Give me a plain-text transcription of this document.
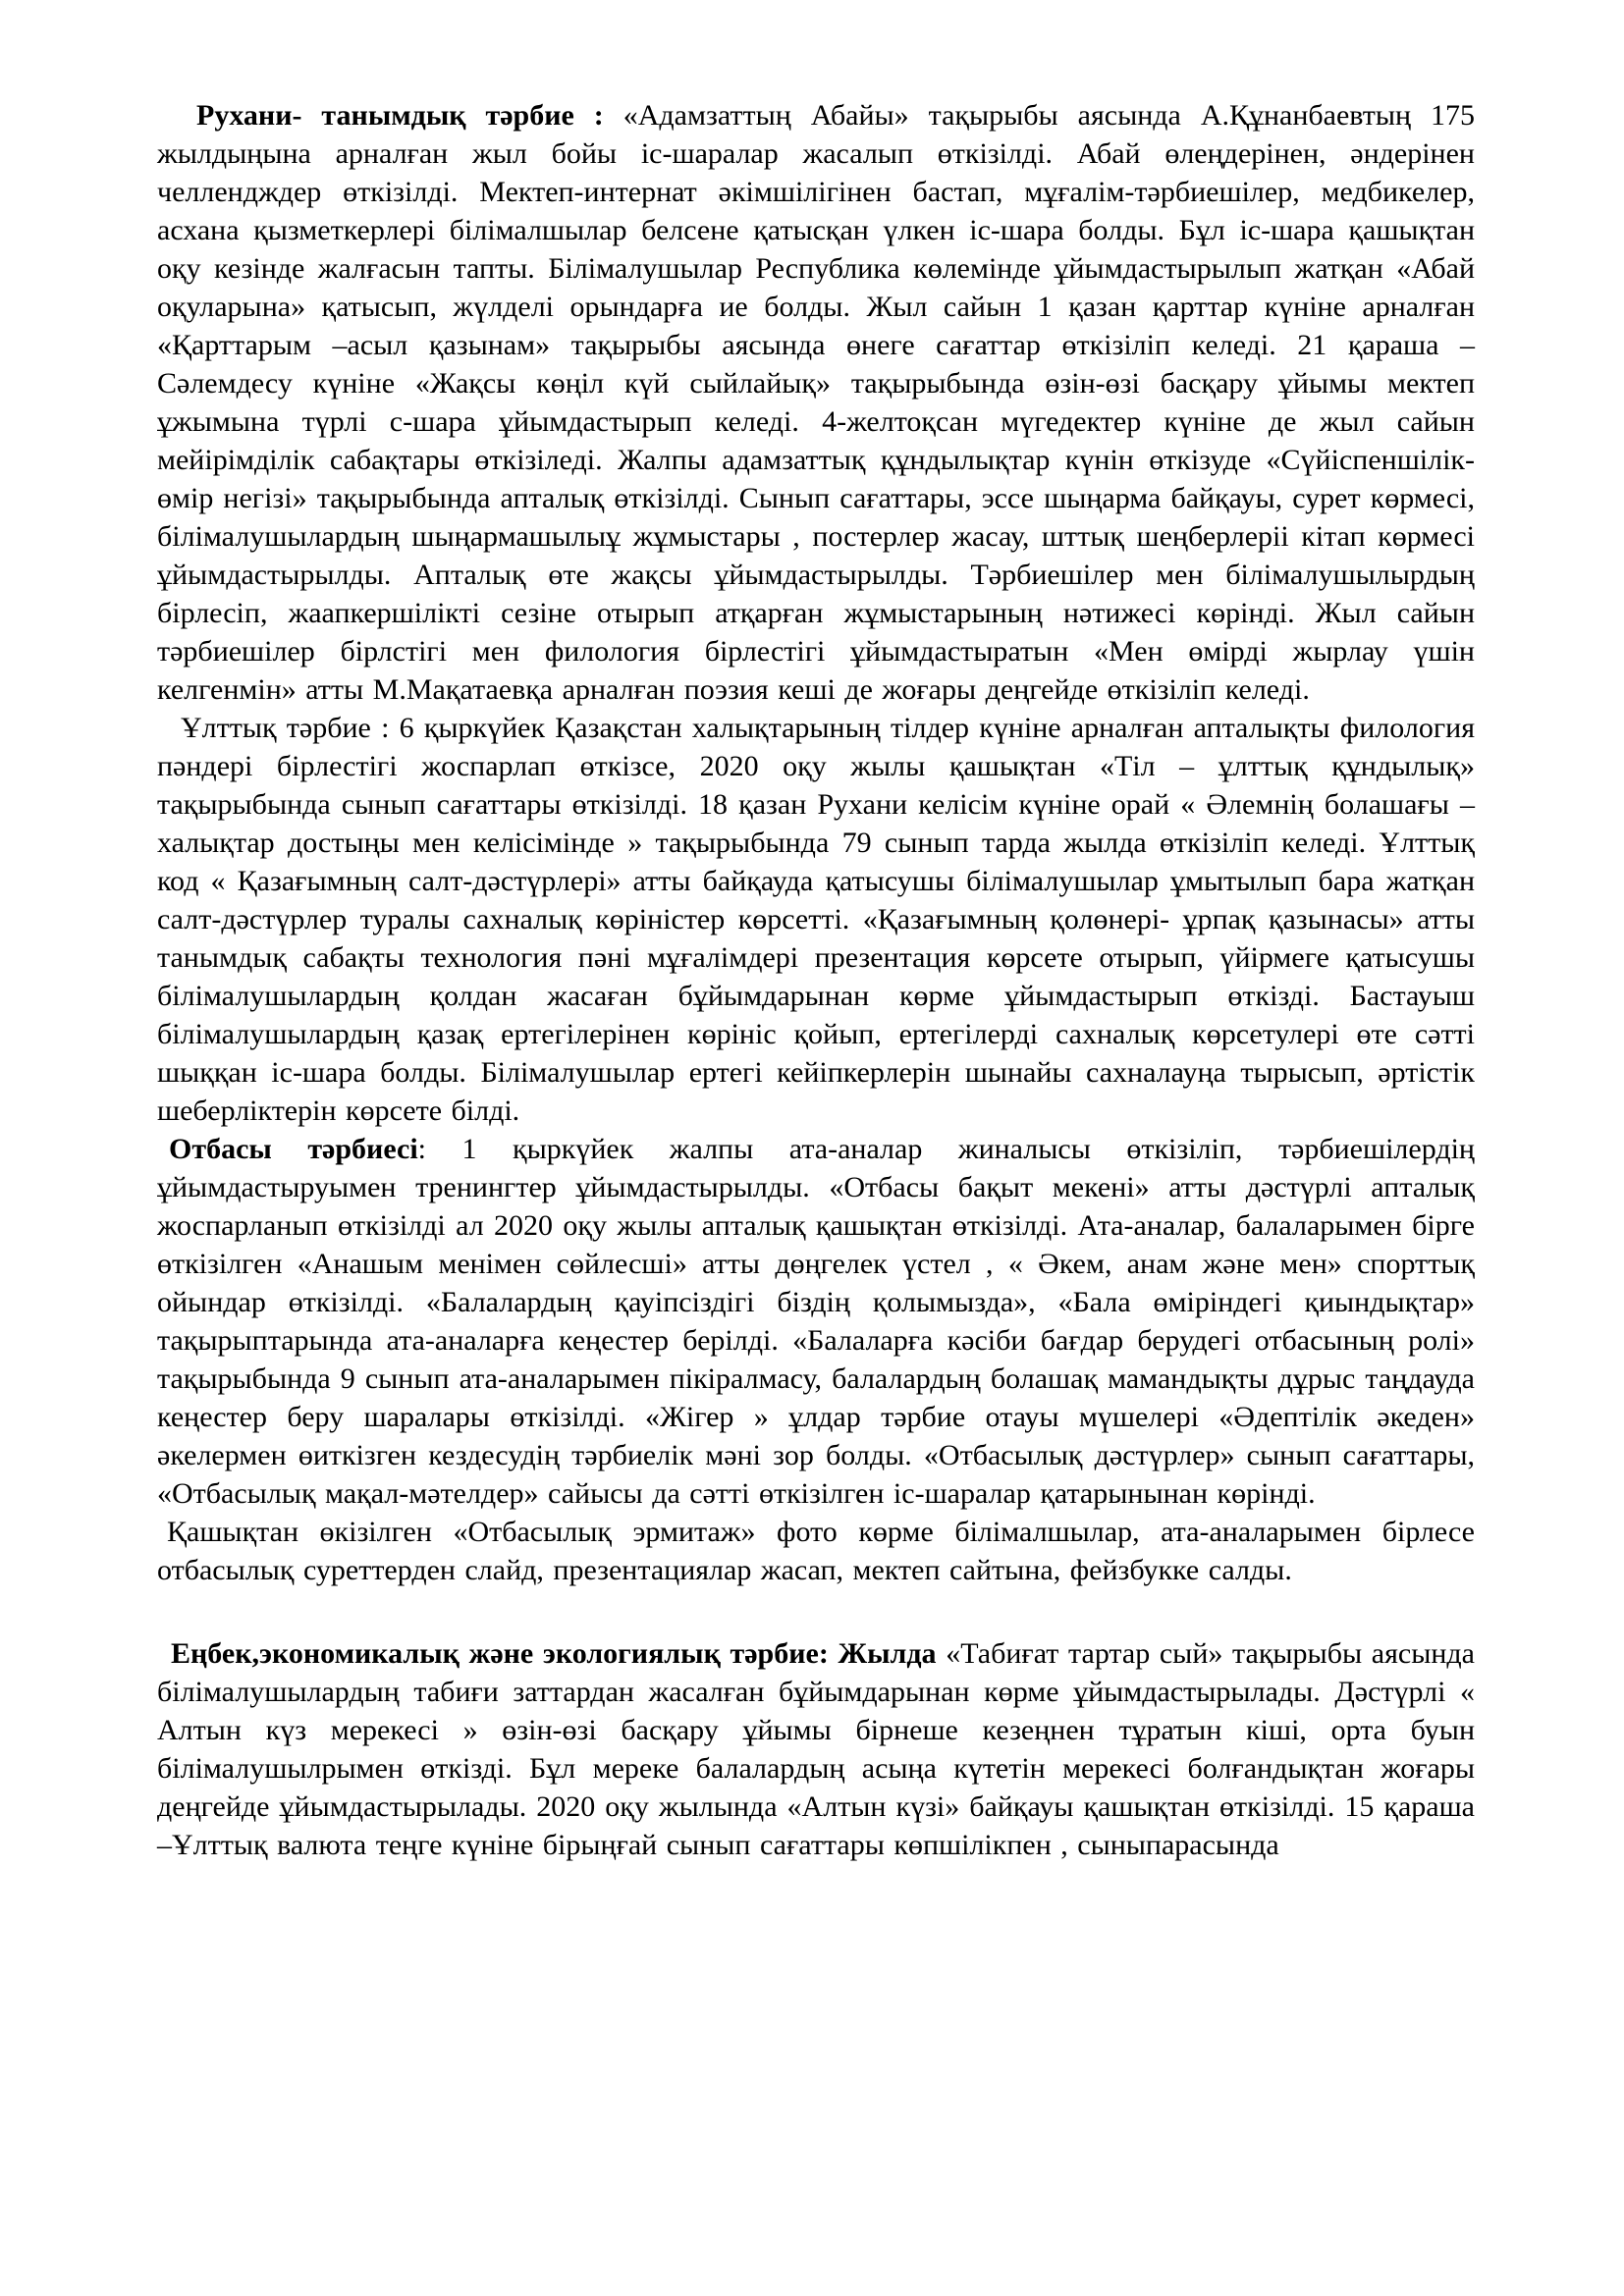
Рухани- танымдық тәрбие : «Адамзаттың Абайы» тақырыбы аясында А.Құнанбаевтың 175 жылдыңына арналған жыл бойы іс-шаралар жасалып өткізілді. Абай өлеңдерінен, әндерінен челлендждер өткізілді. Мектеп-интернат әкімшілігінен бастап, мұғалім-тәрбиешілер, медбикелер, асхана қызметкерлері білімалшылар белсене қатысқан үлкен іс-шара болды. Бұл іс-шара қашықтан оқу кезінде жалғасын тапты. Білімалушылар Республика көлемінде ұйымдастырылып жатқан «Абай оқуларына» қатысып, жүлделі орындарға ие болды. Жыл сайын 1 қазан қарттар күніне арналған «Қарттарым –асыл қазынам» тақырыбы аясында өнеге сағаттар өткізіліп келеді. 21 қараша –Сәлемдесу күніне «Жақсы көңіл күй сыйлайық» тақырыбында өзін-өзі басқару ұйымы мектеп ұжымына түрлі с-шара ұйымдастырып келеді. 4-желтоқсан мүгедектер күніне де жыл сайын мейірімділік сабақтары өткізіледі. Жалпы адамзаттық құндылықтар күнін өткізуде «Сүйіспеншілік- өмір негізі» тақырыбында апталық өткізілді. Сынып сағаттары, эссе шыңарма байқауы, сурет көрмесі, білімалушылардың шыңармашылыұ жұмыстары , постерлер жасау, шттық шеңберлеріі кітап көрмесі ұйымдастырылды. Апталық өте жақсы ұйымдастырылды. Тәрбиешілер мен білімалушылырдың бірлесіп, жаапкершілікті сезіне отырып атқарған жұмыстарының нәтижесі көрінді. Жыл сайын тәрбиешілер бірлстігі мен филология бірлестігі ұйымдастыратын «Мен өмірді жырлау үшін келгенмін» атты М.Мақатаевқа арналған поэзия кеші де жоғары деңгейде өткізіліп келеді.

Ұлттық тәрбие : 6 қыркүйек Қазақстан халықтарының тілдер күніне арналған апталықты филология пәндері бірлестігі жоспарлап өткізсе, 2020 оқу жылы қашықтан «Тіл – ұлттық құндылық» тақырыбында сынып сағаттары өткізілді. 18 қазан Рухани келісім күніне орай « Әлемнің болашағы – халықтар достыңы мен келісімінде » тақырыбында 79 сынып тарда жылда өткізіліп келеді. Ұлттық код « Қазағымның салт-дәстүрлері» атты байқауда қатысушы білімалушылар ұмытылып бара жатқан салт-дәстүрлер туралы сахналық көріністер көрсетті. «Қазағымның қолөнері- ұрпақ қазынасы» атты танымдық сабақты технология пәні мұғалімдері презентация көрсете отырып, үйірмеге қатысушы білімалушылардың қолдан жасаған бұйымдарынан көрме ұйымдастырып өткізді. Бастауыш білімалушылардың қазақ ертегілерінен көрініс қойып, ертегілерді сахналық көрсетулері өте сәтті шыққан іс-шара болды. Білімалушылар ертегі кейіпкерлерін шынайы сахналауңа тырысып, әртістік шеберліктерін көрсете білді.

Отбасы тәрбиесі: 1 қыркүйек жалпы ата-аналар жиналысы өткізіліп, тәрбиешілердің ұйымдастыруымен тренингтер ұйымдастырылды. «Отбасы бақыт мекені» атты дәстүрлі апталық жоспарланып өткізілді ал 2020 оқу жылы апталық қашықтан өткізілді. Ата-аналар, балаларымен бірге өткізілген «Анашым менімен сөйлесші» атты дөңгелек үстел , « Әкем, анам және мен» спорттық ойындар өткізілді. «Балалардың қауіпсіздігі біздің қолымызда», «Бала өміріндегі қиындықтар» тақырыптарында ата-аналарға кеңестер берілді. «Балаларға кәсіби бағдар берудегі отбасының ролі» тақырыбында 9 сынып ата-аналарымен пікіралмасу, балалардың болашақ мамандықты дұрыс таңдауда кеңестер беру шаралары өткізілді. «Жігер » ұлдар тәрбие отауы мүшелері «Әдептілік әкеден» әкелермен өиткізген кездесудің тәрбиелік мәні зор болды. «Отбасылық дәстүрлер» сынып сағаттары, «Отбасылық мақал-мәтелдер» сайысы да сәтті өткізілген іс-шаралар қатарынынан көрінді.

Қашықтан өкізілген «Отбасылық эрмитаж» фото көрме білімалшылар, ата-аналарымен бірлесе отбасылық суреттерден слайд, презентациялар жасап, мектеп сайтына, фейзбукке салды.

Еңбек,экономикалық және экологиялық тәрбие: Жылда «Табиғат тартар сый» тақырыбы аясында білімалушылардың табиғи заттардан жасалған бұйымдарынан көрме ұйымдастырылады. Дәстүрлі « Алтын күз мерекесі » өзін-өзі басқару ұйымы бірнеше кезеңнен тұратын кіші, орта буын білімалушылрымен өткізді. Бұл мереке балалардың асыңа күтетін мерекесі болғандықтан жоғары деңгейде ұйымдастырылады. 2020 оқу жылында «Алтын күзі» байқауы қашықтан өткізілді. 15 қараша –Ұлттық валюта теңге күніне бірыңғай сынып сағаттары көпшілікпен , сыныпарасында
